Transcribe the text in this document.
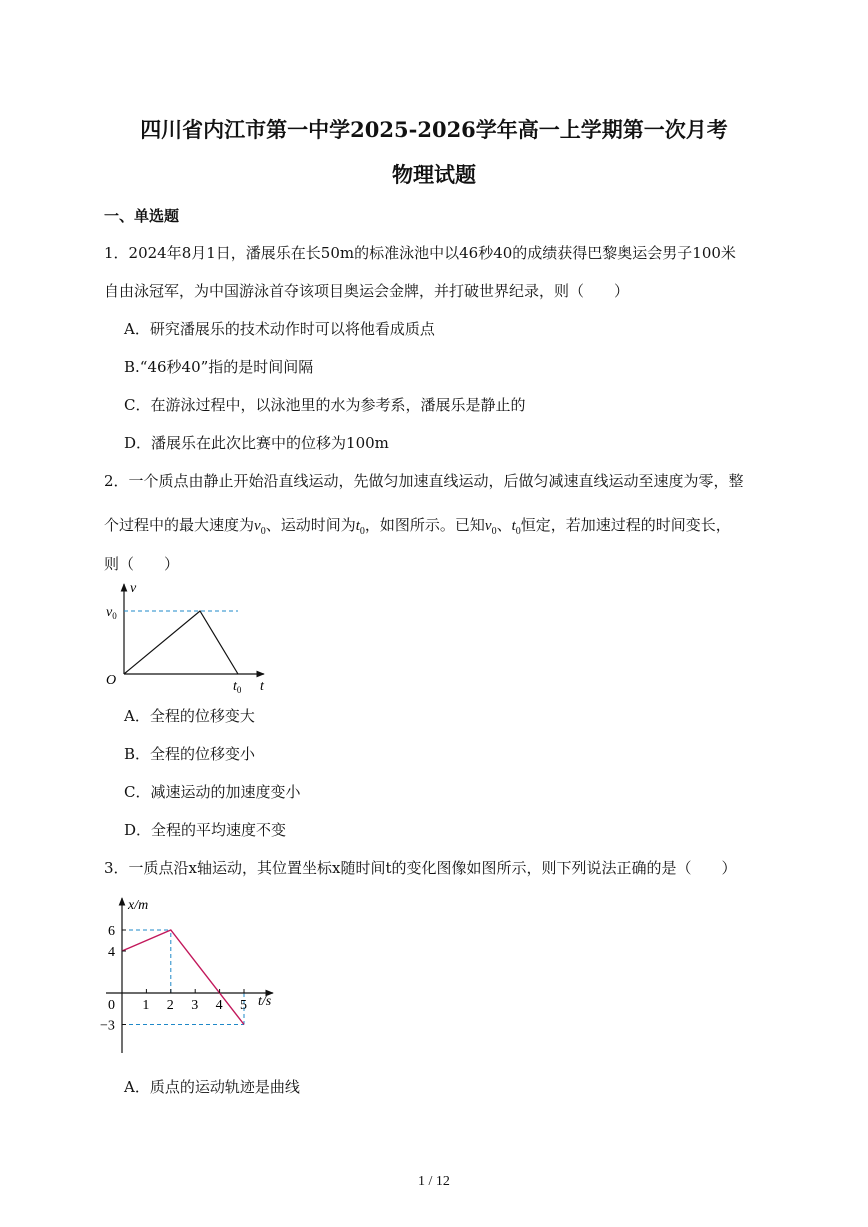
四川省内江市第一中学2025-2026学年高一上学期第一次月考
物理试题
一、单选题
1．2024年8月1日，潘展乐在长50m的标准泳池中以46秒40的成绩获得巴黎奥运会男子100米
自由泳冠军，为中国游泳首夺该项目奥运会金牌，并打破世界纪录，则（　　）
A．研究潘展乐的技术动作时可以将他看成质点
B.“46秒40”指的是时间间隔
C．在游泳过程中，以泳池里的水为参考系，潘展乐是静止的
D．潘展乐在此次比赛中的位移为100m
2．一个质点由静止开始沿直线运动，先做匀加速直线运动，后做匀减速直线运动至速度为零，整
个过程中的最大速度为$v_0$、运动时间为$t_0$，如图所示。已知$v_0$、$t_0$恒定，若加速过程的时间变长，
则（　　）
v
$v_0$
O	$t_0$ t
A．全程的位移变大
B．全程的位移变小
C．减速运动的加速度变小
D．全程的平均速度不变
3．一质点沿x轴运动，其位置坐标x随时间t的变化图像如图所示，则下列说法正确的是（　　）
1 2 3 4 5
0
6
4
−3
x/m
t/s
A．质点的运动轨迹是曲线
1 / 12
